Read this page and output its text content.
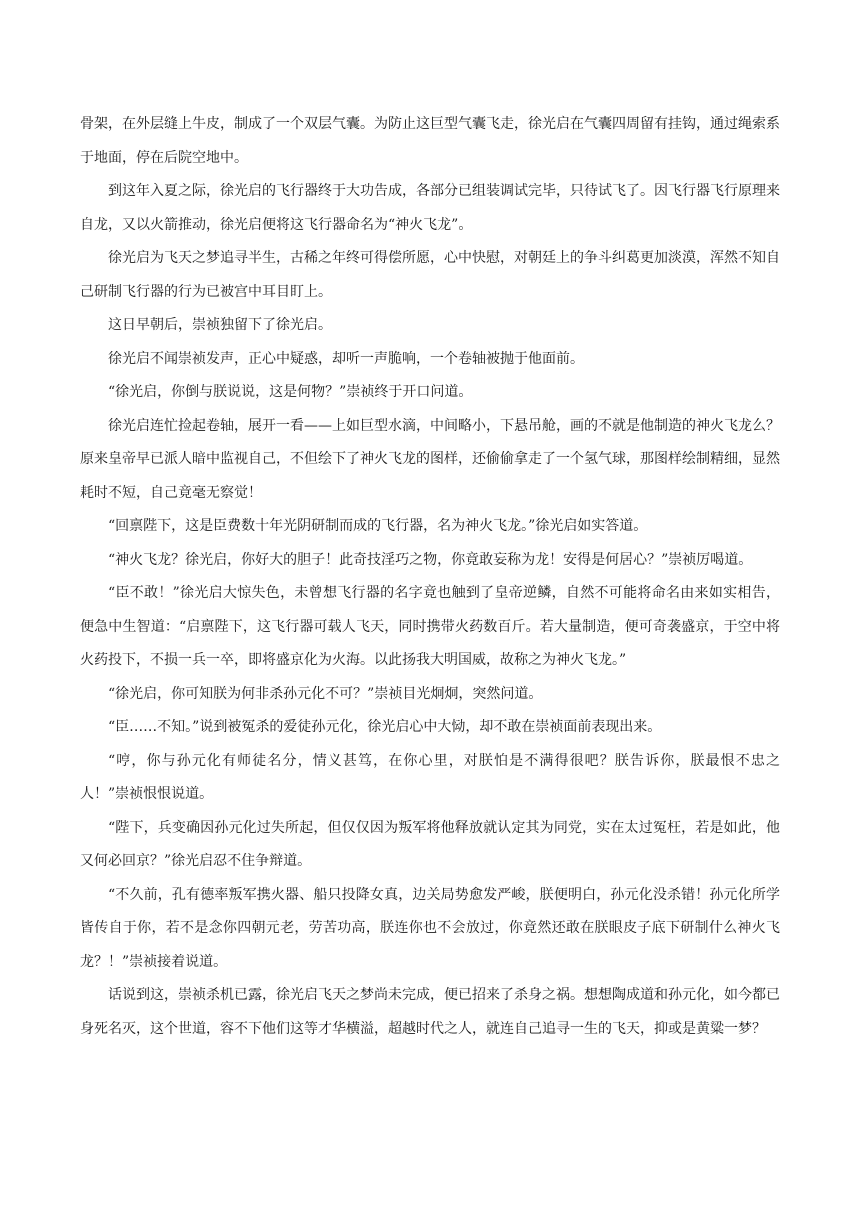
骨架，在外层缝上牛皮，制成了一个双层气囊。为防止这巨型气囊飞走，徐光启在气囊四周留有挂钩，通过绳索系于地面，停在后院空地中。

到这年入夏之际，徐光启的飞行器终于大功告成，各部分已组装调试完毕，只待试飞了。因飞行器飞行原理来自龙，又以火箭推动，徐光启便将这飞行器命名为“神火飞龙”。

徐光启为飞天之梦追寻半生，古稀之年终可得偿所愿，心中快慰，对朝廷上的争斗纠葛更加淡漠，浑然不知自己研制飞行器的行为已被宫中耳目盯上。

这日早朝后，崇祯独留下了徐光启。

徐光启不闻崇祯发声，正心中疑惑，却听一声脆响，一个卷轴被抛于他面前。

“徐光启，你倒与朕说说，这是何物？”崇祯终于开口问道。

徐光启连忙捡起卷轴，展开一看——上如巨型水滴，中间略小，下悬吊舱，画的不就是他制造的神火飞龙么？原来皇帝早已派人暗中监视自己，不但绘下了神火飞龙的图样，还偷偷拿走了一个氢气球，那图样绘制精细，显然耗时不短，自己竟毫无察觉！

“回禀陛下，这是臣费数十年光阴研制而成的飞行器，名为神火飞龙。”徐光启如实答道。

“神火飞龙？徐光启，你好大的胆子！此奇技淫巧之物，你竟敢妄称为龙！安得是何居心？”崇祯厉喝道。

“臣不敢！”徐光启大惊失色，未曾想飞行器的名字竟也触到了皇帝逆鳞，自然不可能将命名由来如实相告，便急中生智道：“启禀陛下，这飞行器可载人飞天，同时携带火药数百斤。若大量制造，便可奇袭盛京，于空中将火药投下，不损一兵一卒，即将盛京化为火海。以此扬我大明国威，故称之为神火飞龙。”

“徐光启，你可知朕为何非杀孙元化不可？”崇祯目光炯炯，突然问道。

“臣……不知。”说到被冤杀的爱徒孙元化，徐光启心中大恸，却不敢在崇祯面前表现出来。

“哼，你与孙元化有师徒名分，情义甚笃，在你心里，对朕怕是不满得很吧？朕告诉你，朕最恨不忠之人！”崇祯恨恨说道。

“陛下，兵变确因孙元化过失所起，但仅仅因为叛军将他释放就认定其为同党，实在太过冤枉，若是如此，他又何必回京？”徐光启忍不住争辩道。

“不久前，孔有德率叛军携火器、船只投降女真，边关局势愈发严峻，朕便明白，孙元化没杀错！孙元化所学皆传自于你，若不是念你四朝元老，劳苦功高，朕连你也不会放过，你竟然还敢在朕眼皮子底下研制什么神火飞龙？！”崇祯接着说道。

话说到这，崇祯杀机已露，徐光启飞天之梦尚未完成，便已招来了杀身之祸。想想陶成道和孙元化，如今都已身死名灭，这个世道，容不下他们这等才华横溢，超越时代之人，就连自己追寻一生的飞天，抑或是黄粱一梦？
